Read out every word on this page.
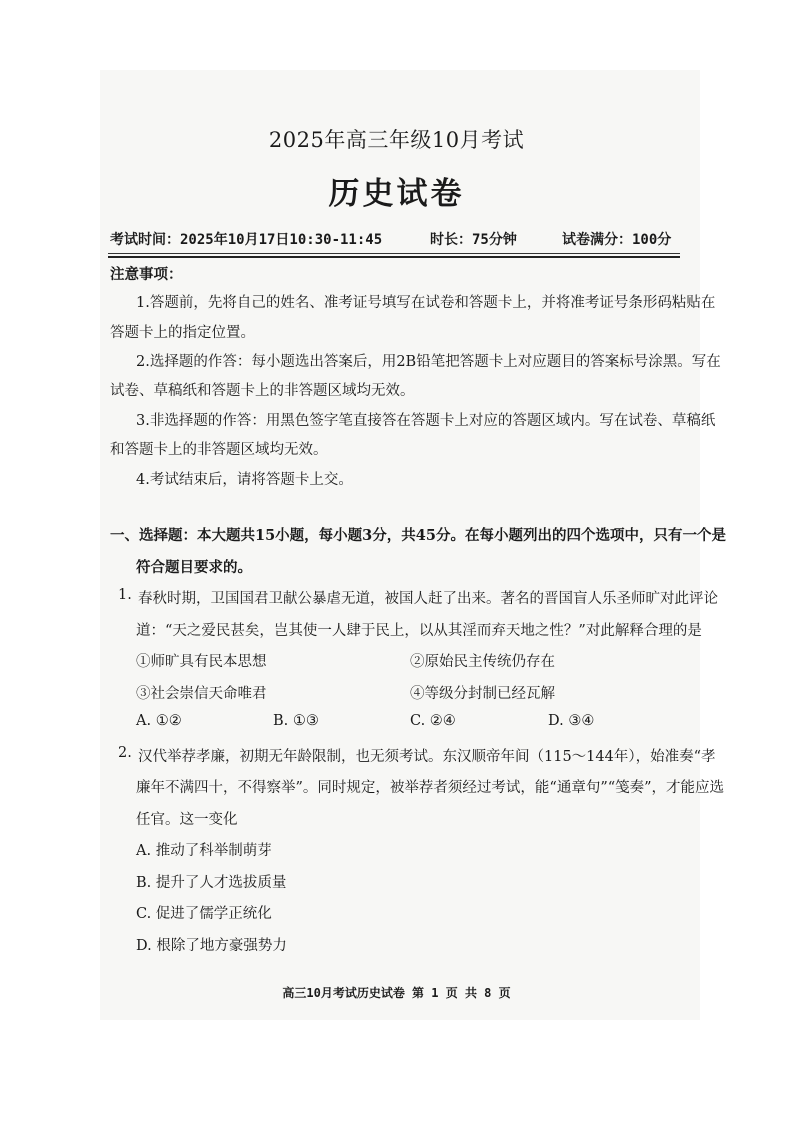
2025年高三年级10月考试
历史试卷
考试时间：2025年10月17日10:30-11:45	时长：75分钟	试卷满分：100分
注意事项：
1.答题前，先将自己的姓名、准考证号填写在试卷和答题卡上，并将准考证号条形码粘贴在
答题卡上的指定位置。
2.选择题的作答：每小题选出答案后，用2B铅笔把答题卡上对应题目的答案标号涂黑。写在
试卷、草稿纸和答题卡上的非答题区域均无效。
3.非选择题的作答：用黑色签字笔直接答在答题卡上对应的答题区域内。写在试卷、草稿纸
和答题卡上的非答题区域均无效。
4.考试结束后，请将答题卡上交。
一、选择题：本大题共15小题，每小题3分，共45分。在每小题列出的四个选项中，只有一个是
符合题目要求的。
1. 春秋时期，卫国国君卫献公暴虐无道，被国人赶了出来。著名的晋国盲人乐圣师旷对此评论
道：“天之爱民甚矣，岂其使一人肆于民上，以从其淫而弃天地之性？”对此解释合理的是
①师旷具有民本思想	②原始民主传统仍存在
③社会崇信天命唯君	④等级分封制已经瓦解
A. ①②	B. ①③	C. ②④	D. ③④
2. 汉代举荐孝廉，初期无年龄限制，也无须考试。东汉顺帝年间（115～144年），始准奏“孝
廉年不满四十，不得察举”。同时规定，被举荐者须经过考试，能“通章句”“笺奏”，才能应选
任官。这一变化
A. 推动了科举制萌芽
B. 提升了人才选拔质量
C. 促进了儒学正统化
D. 根除了地方豪强势力
高三10月考试历史试卷 第 1 页 共 8 页
